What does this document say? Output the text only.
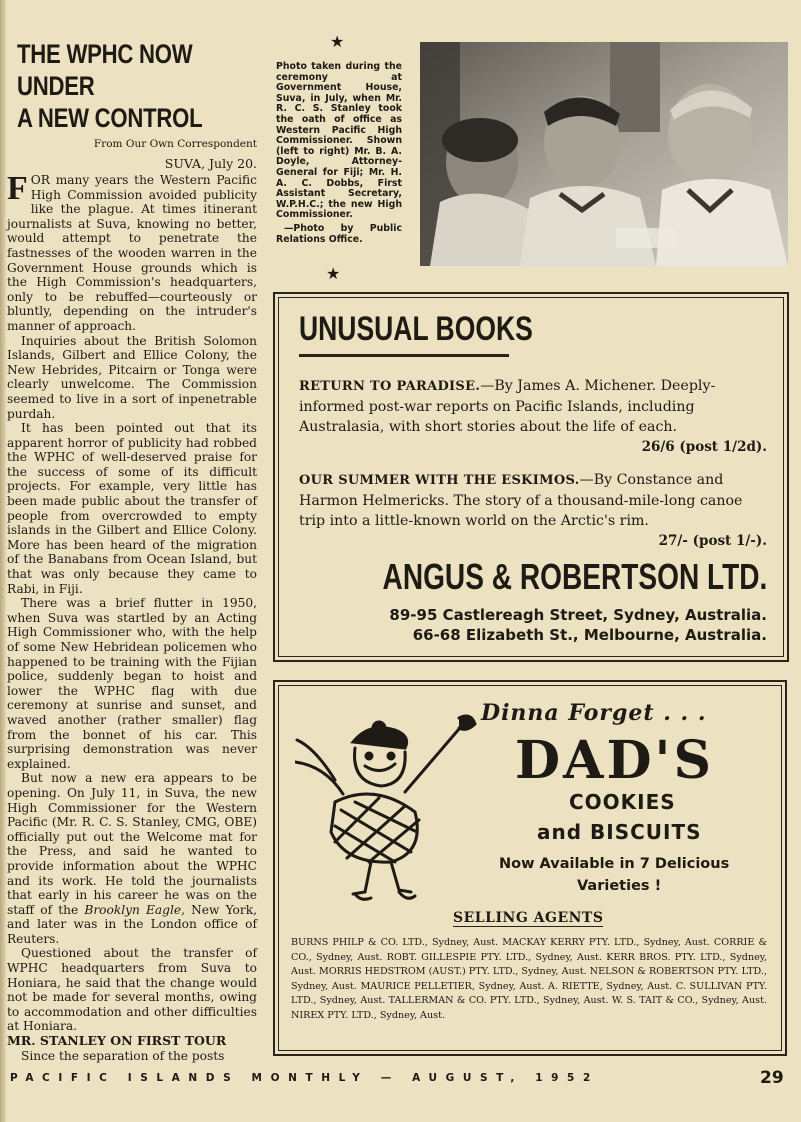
THE WPHC NOW
UNDER
A NEW CONTROL
From Our Own Correspondent
SUVA, July 20.

FOR many years the Western Pacific High Commission avoided publicity like the plague. At times itinerant journalists at Suva, knowing no better, would attempt to penetrate the fastnesses of the wooden warren in the Government House grounds which is the High Commission's headquarters, only to be rebuffed—courteously or bluntly, depending on the intruder's manner of approach.

Inquiries about the British Solomon Islands, Gilbert and Ellice Colony, the New Hebrides, Pitcairn or Tonga were clearly unwelcome. The Commission seemed to live in a sort of inpenetrable purdah.

It has been pointed out that its apparent horror of publicity had robbed the WPHC of well-deserved praise for the success of some of its difficult projects. For example, very little has been made public about the transfer of people from overcrowded to empty islands in the Gilbert and Ellice Colony. More has been heard of the migration of the Banabans from Ocean Island, but that was only because they came to Rabi, in Fiji.

There was a brief flutter in 1950, when Suva was startled by an Acting High Commissioner who, with the help of some New Hebridean policemen who happened to be training with the Fijian police, suddenly began to hoist and lower the WPHC flag with due ceremony at sunrise and sunset, and waved another (rather smaller) flag from the bonnet of his car. This surprising demonstration was never explained.

But now a new era appears to be opening. On July 11, in Suva, the new High Commissioner for the Western Pacific (Mr. R. C. S. Stanley, CMG, OBE) officially put out the Welcome mat for the Press, and said he wanted to provide information about the WPHC and its work. He told the journalists that early in his career he was on the staff of the Brooklyn Eagle, New York, and later was in the London office of Reuters.

Questioned about the transfer of WPHC headquarters from Suva to Honiara, he said that the change would not be made for several months, owing to accommodation and other difficulties at Honiara.

MR. STANLEY ON FIRST TOUR

Since the separation of the posts

★
Photo taken during the ceremony at Government House, Suva, in July, when Mr. R. C. S. Stanley took the oath of office as Western Pacific High Commissioner. Shown (left to right) Mr. B. A. Doyle, Attorney-General for Fiji; Mr. H. A. C. Dobbs, First Assistant Secretary, W.P.H.C.; the new High Commissioner.
—Photo by Public Relations Office.
★
UNUSUAL BOOKS
RETURN TO PARADISE.—By James A. Michener. Deeply-informed post-war reports on Pacific Islands, including Australasia, with short stories about the life of each.
26/6 (post 1/2d).
OUR SUMMER WITH THE ESKIMOS.—By Constance and Harmon Helmericks. The story of a thousand-mile-long canoe trip into a little-known world on the Arctic's rim.
27/- (post 1/-).
ANGUS & ROBERTSON LTD.
89-95 Castlereagh Street, Sydney, Australia.
66-68 Elizabeth St., Melbourne, Australia.
Dinna Forget . . .
DAD'S
COOKIES
and BISCUITS
Now Available in 7 Delicious
Varieties !
SELLING AGENTS
BURNS PHILP & CO. LTD., Sydney, Aust. MACKAY KERRY PTY. LTD., Sydney, Aust. CORRIE & CO., Sydney, Aust. ROBT. GILLESPIE PTY. LTD., Sydney, Aust. KERR BROS. PTY. LTD., Sydney, Aust. MORRIS HEDSTROM (AUST.) PTY. LTD., Sydney, Aust. NELSON & ROBERTSON PTY. LTD., Sydney, Aust. MAURICE PELLETIER, Sydney, Aust. A. RIETTE, Sydney, Aust. C. SULLIVAN PTY. LTD., Sydney, Aust. TALLERMAN & CO. PTY. LTD., Sydney, Aust. W. S. TAIT & CO., Sydney, Aust. NIREX PTY. LTD., Sydney, Aust.
PACIFIC ISLANDS MONTHLY — AUGUST, 1952	29
